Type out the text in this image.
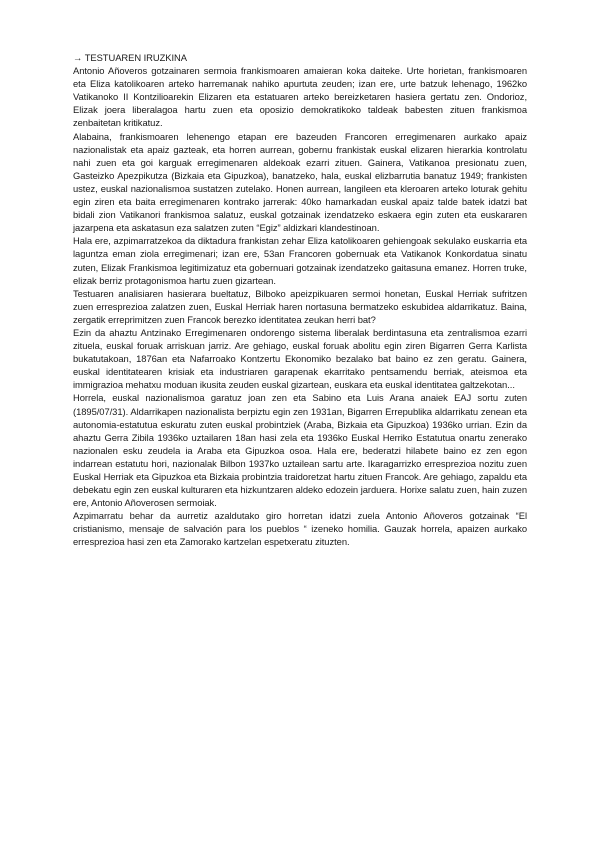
→ TESTUAREN IRUZKINA

Antonio Añoveros gotzainaren sermoia frankismoaren amaieran koka daiteke. Urte horietan, frankismoaren eta Eliza katolikoaren arteko harremanak nahiko apurtuta zeuden; izan ere, urte batzuk lehenago, 1962ko Vatikanoko II Kontzilioarekin Elizaren eta estatuaren arteko bereizketaren hasiera gertatu zen. Ondorioz, Elizak joera liberalagoa hartu zuen eta oposizio demokratikoko taldeak babesten zituen frankismoa zenbaitetan kritikatuz.

Alabaina, frankismoaren lehenengo etapan ere bazeuden Francoren erregimenaren aurkako apaiz nazionalistak eta apaiz gazteak, eta horren aurrean, gobernu frankistak euskal elizaren hierarkia kontrolatu nahi zuen eta goi karguak erregimenaren aldekoak ezarri zituen. Gainera, Vatikanoa presionatu zuen, Gasteizko Apezpikutza (Bizkaia eta Gipuzkoa), banatzeko, hala, euskal elizbarrutia banatuz 1949; frankisten ustez, euskal nazionalismoa sustatzen zutelako. Honen aurrean, langileen eta kleroaren arteko loturak gehitu egin ziren eta baita erregimenaren kontrako jarrerak: 40ko hamarkadan euskal apaiz talde batek idatzi bat bidali zion Vatikanori frankismoa salatuz, euskal gotzainak izendatzeko eskaera egin zuten eta euskararen jazarpena eta askatasun eza salatzen zuten “Egiz” aldizkari klandestinoan.

Hala ere, azpimarratzekoa da diktadura frankistan zehar Eliza katolikoaren gehiengoak sekulako euskarria eta laguntza eman ziola erregimenari; izan ere, 53an Francoren gobernuak eta Vatikanok Konkordatua sinatu zuten, Elizak Frankismoa legitimizatuz eta gobernuari gotzainak izendatzeko gaitasuna emanez. Horren truke, elizak berriz protagonismoa hartu zuen gizartean.

Testuaren analisiaren hasierara bueltatuz, Bilboko apeizpikuaren sermoi honetan, Euskal Herriak sufritzen zuen erresprezioa zalatzen zuen, Euskal Herriak haren nortasuna bermatzeko eskubidea aldarrikatuz. Baina, zergatik erreprimitzen zuen Francok berezko identitatea zeukan herri bat?

Ezin da ahaztu Antzinako Erregimenaren ondorengo sistema liberalak berdintasuna eta zentralismoa ezarri zituela, euskal foruak arriskuan jarriz. Are gehiago, euskal foruak abolitu egin ziren Bigarren Gerra Karlista bukatutakoan, 1876an eta Nafarroako Kontzertu Ekonomiko bezalako bat baino ez zen geratu. Gainera, euskal identitatearen krisiak eta industriaren garapenak ekarritako pentsamendu berriak, ateismoa eta immigrazioa mehatxu moduan ikusita zeuden euskal gizartean, euskara eta euskal identitatea galtzekotan...

Horrela, euskal nazionalismoa garatuz joan zen eta Sabino eta Luis Arana anaiek EAJ sortu zuten (1895/07/31). Aldarrikapen nazionalista berpiztu egin zen 1931an, Bigarren Errepublika aldarrikatu zenean eta autonomia-estatutua eskuratu zuten euskal probintziek (Araba, Bizkaia eta Gipuzkoa) 1936ko urrian. Ezin da ahaztu Gerra Zibila 1936ko uztailaren 18an hasi zela eta 1936ko Euskal Herriko Estatutua onartu zenerako nazionalen esku zeudela ia Araba eta Gipuzkoa osoa. Hala ere, bederatzi hilabete baino ez zen egon indarrean estatutu hori, nazionalak Bilbon 1937ko uztailean sartu arte. Ikaragarrizko erresprezioa nozitu zuen Euskal Herriak eta Gipuzkoa eta Bizkaia probintzia traidoretzat hartu zituen Francok. Are gehiago, zapaldu eta debekatu egin zen euskal kulturaren eta hizkuntzaren aldeko edozein jarduera. Horixe salatu zuen, hain zuzen ere, Antonio Añoverosen sermoiak.

Azpimarratu behar da aurretiz azaldutako giro horretan idatzi zuela Antonio Añoveros gotzainak “El cristianismo, mensaje de salvación para los pueblos “ izeneko homilia. Gauzak horrela, apaizen aurkako erresprezioa hasi zen eta Zamorako kartzelan espetxeratu zituzten.
